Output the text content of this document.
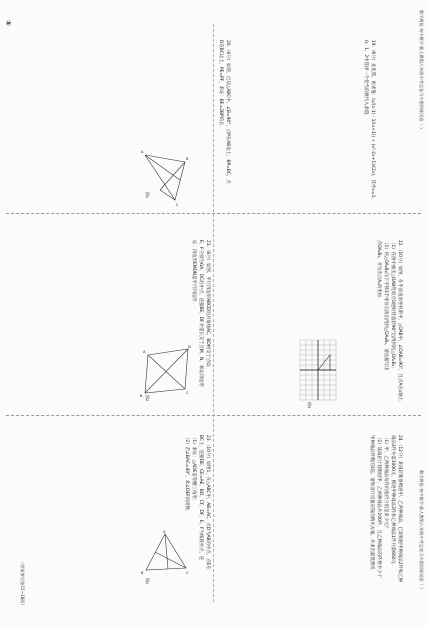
数学周报·初中数学·新人教版八年级中考总复习专题训练试卷（ ）
⑤
数学周报·初中数学·新人教版八年级中考总复习专题训练试卷（ ）
（答案参见第15~18版）
19.（6分）先化简，再求值：(x/(x-1) - 1/(x+1)) ÷ (x²-2x+1)/(2x)，其中x=1，
0，1，2中选择一个恰当的数代入求值.
20.（8分）如图，已知△ABC中，∠B=90°，点P在AB边上，BP=BC，点
D在BC边上，PE=PF，求证：BE=2BP的长.
A
B
C
图1
21.（8分）如图，平行四边形ABCD的对角线AC，BD相交于点O，
E，F分别为OA，OC的中点，连接BE，DF并延长交于点M，N，求证四边形
证：四边形EMDN是平行四边形.
A
D
C
B 图2	22.（10分）如图，在平面直角坐标系中，△OAB中，∠OAB=90°，且点A在x轴上.
（1）在图中画出△OAB绕原点O逆时针旋转90°后得到的△OA₁B₁；
（2）将△OA₁B₁向下平移3个单位长度后得到△OA₂B₂，请直接写出
点OA₂B₂，并写出点A₂的坐标.
图3
23.（10分）如图1，在△ABC中，AB=AC，点D为AB的中点，点E在
BC上，连接DE，CE=AE，BD，CF，DF，E，F为线段中点，连
（1）求证：△ADE是等腰三角形；
（2）若∠BAC=40°，求∠DEF的度数.
A
B	C
图4	24.（12分）某商店准备购进甲、乙两种商品，已知购进甲种商品2件和乙种
商品3件共需1000元，购进甲种商品3件和乙种商品1件共需660元.
（1）甲、乙两种商品每件的进价分别是多少元？
（2）该商店计划购进甲、乙两种商品共100件，且乙种商品的件数不少于
甲种商品件数的3倍，请你设计出最省钱的购买方案，并求出最低费用.
